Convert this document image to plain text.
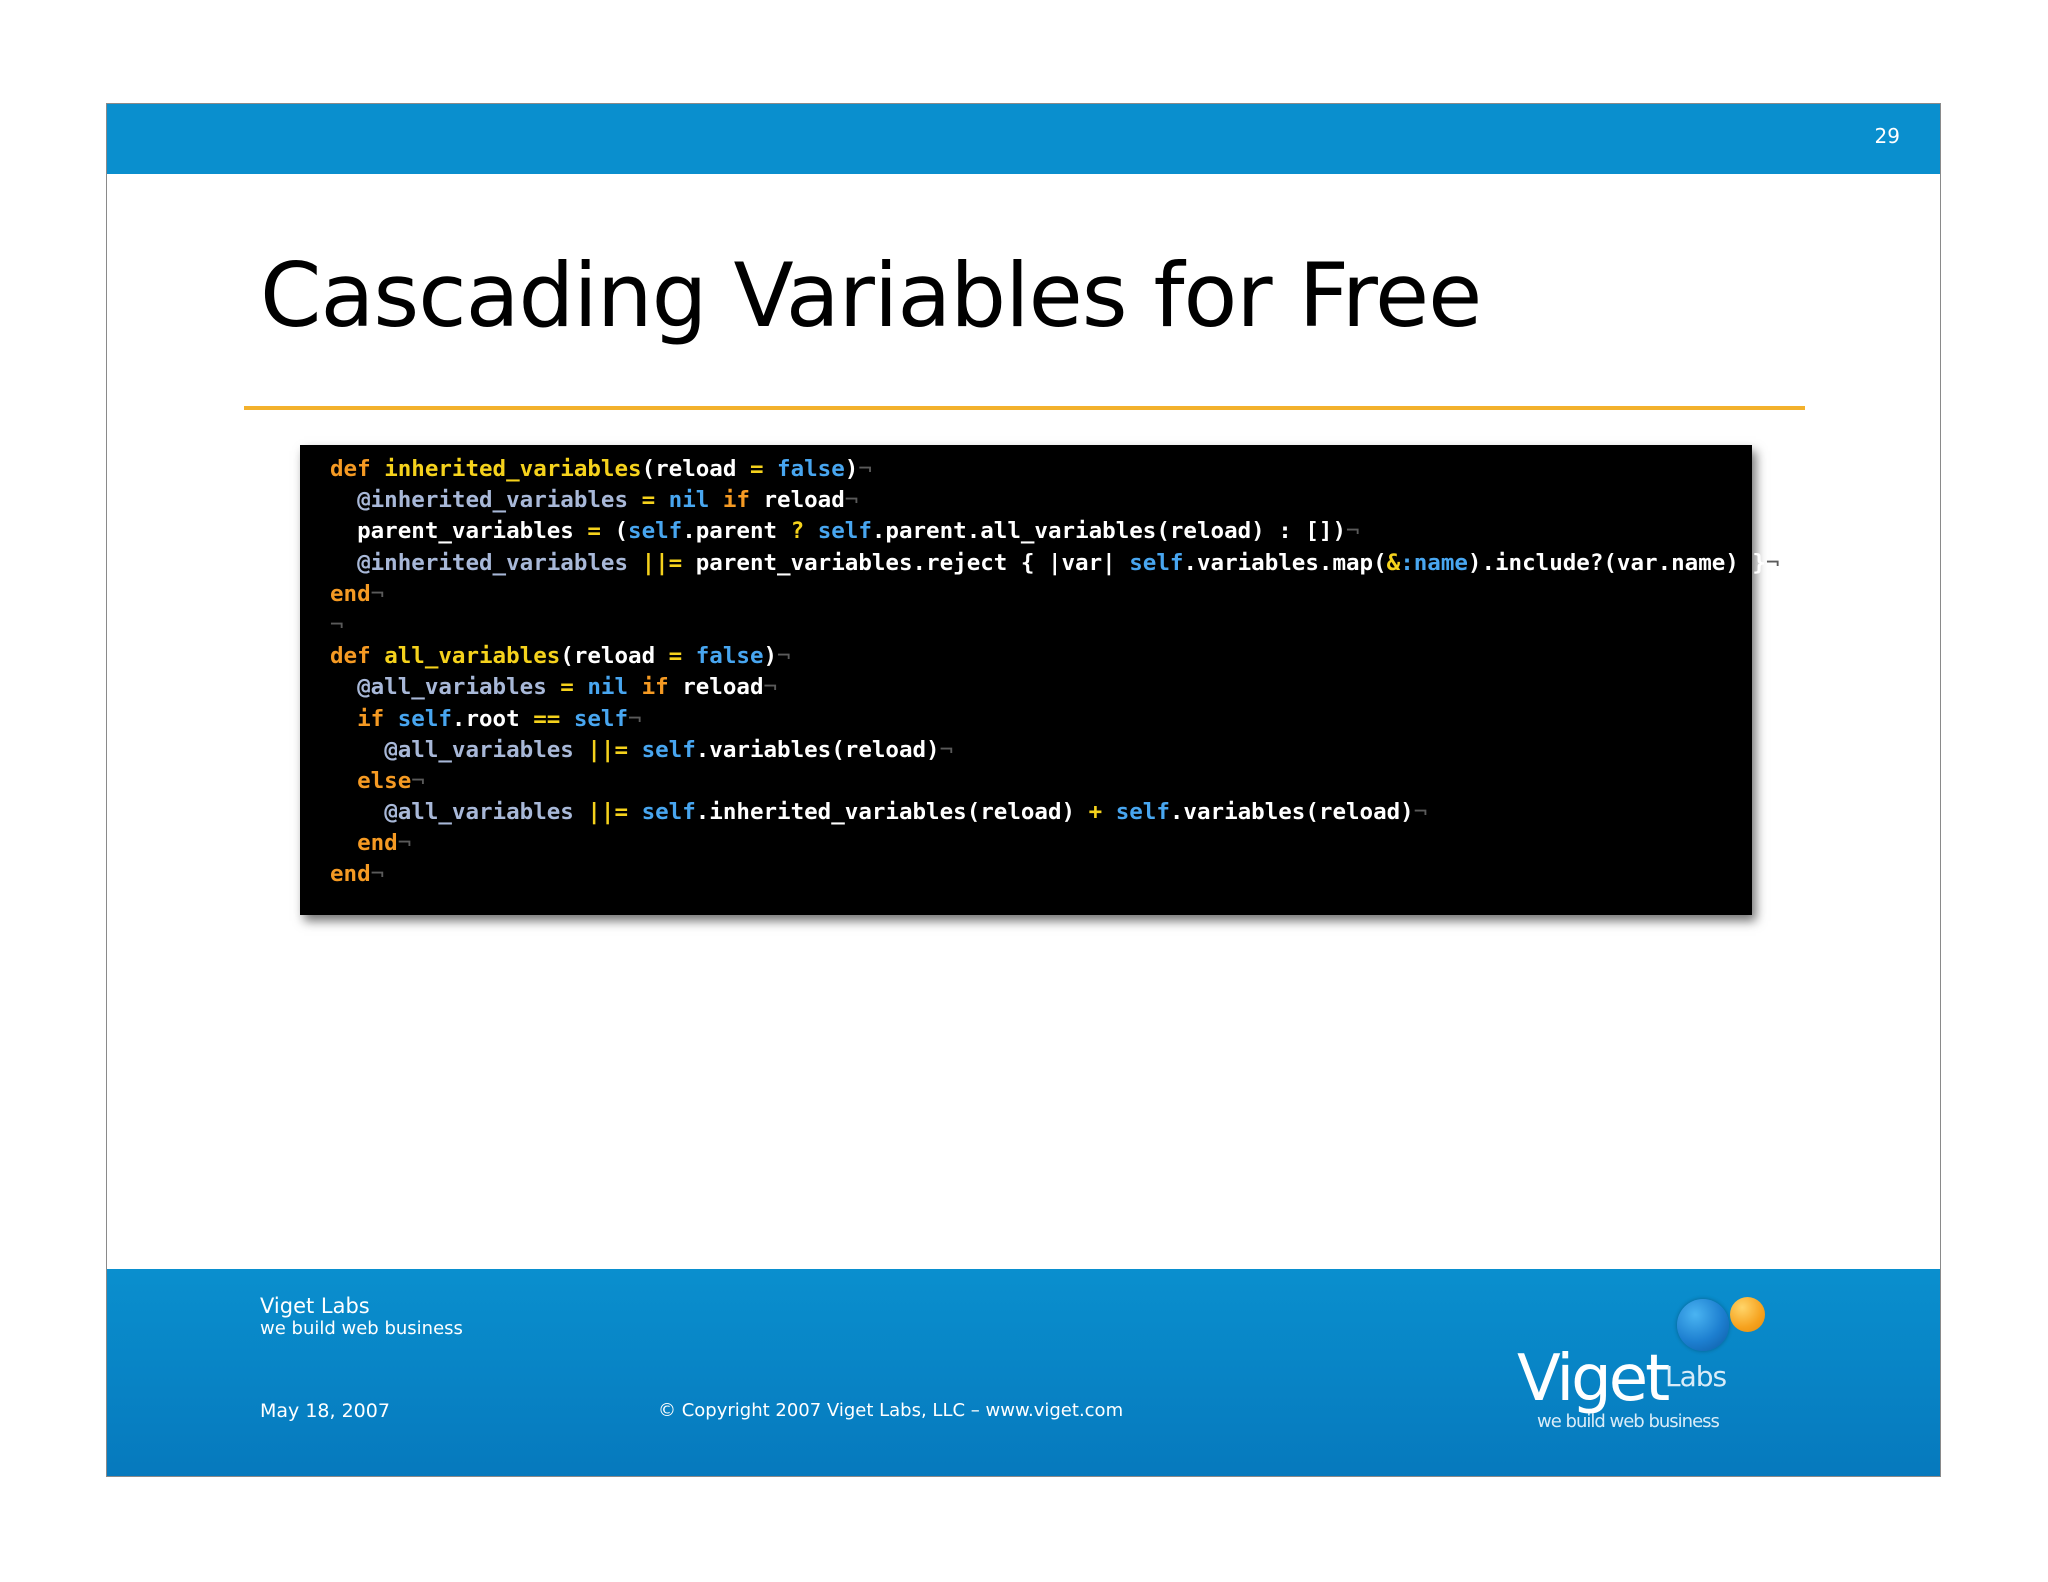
29
Cascading Variables for Free
def inherited_variables(reload = false)¬
@inherited_variables = nil if reload¬
parent_variables = (self.parent ? self.parent.all_variables(reload) : [])¬
@inherited_variables ||= parent_variables.reject { |var| self.variables.map(&:name).include?(var.name) }¬
end¬
¬
def all_variables(reload = false)¬
@all_variables = nil if reload¬
if self.root == self¬
@all_variables ||= self.variables(reload)¬
else¬
@all_variables ||= self.inherited_variables(reload) + self.variables(reload)¬
end¬
end¬
Viget Labs
we build web business
May 18, 2007	© Copyright 2007 Viget Labs, LLC – www.viget.com	Viget
Labs
we build web business
